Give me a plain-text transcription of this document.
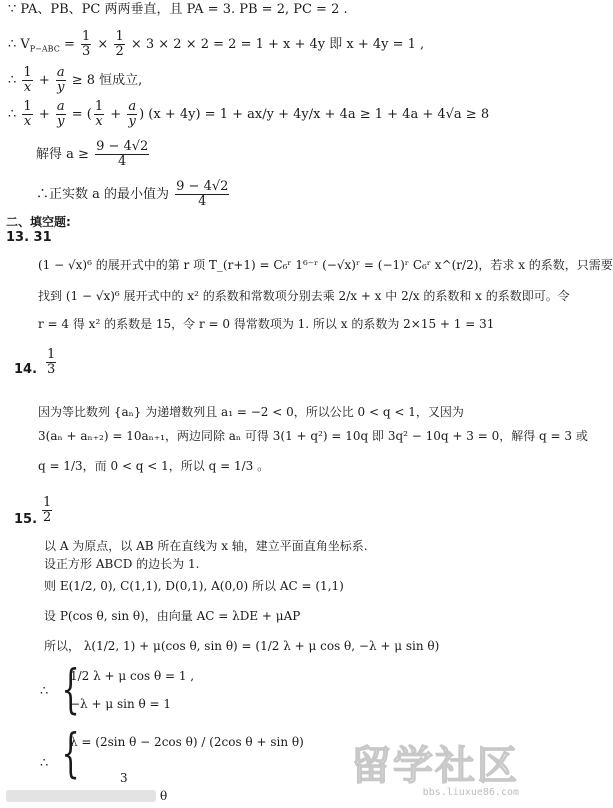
∵ PA、PB、PC 两两垂直，且 PA = 3. PB = 2, PC = 2 .
∴ $V_{P-ABC} = \frac{1}{3} \times \frac{1}{2} \times 3 \times 2 \times 2 = 2 = 1 + x + 4y$ 即 x + 4y = 1 ,
∴ $\frac{1}{x} + \frac{a}{y} \ge 8$ 恒成立,
∴ $\frac{1}{x} + \frac{a}{y}$ = ( $\frac{1}{x} + \frac{a}{y}$ ) (x + 4y) = 1 + ax/y + 4y/x + 4a ≥ 1 + 4a + 4√a ≥ 8
解得 $a \ge \frac{9 - 4√2}{4}$
∴正实数 a 的最小值为 $\frac{9 - 4√2}{4}$
二、填空题:
13. 31
(1 − √x)⁶ 的展开式中的第 r 项 T_(r+1) = C₆ʳ 1⁶⁻ʳ (−√x)ʳ = (−1)ʳ C₆ʳ x^(r/2)，若求 x 的系数，只需要
找到 (1 − √x)⁶ 展开式中的 x² 的系数和常数项分别去乘 2/x + x 中 2/x 的系数和 x 的系数即可。令
r = 4 得 x² 的系数是 15，令 r = 0 得常数项为 1. 所以 x 的系数为 2×15 + 1 = 31
14. $\frac{1}{3}$
因为等比数列 {aₙ} 为递增数列且 a₁ = −2 < 0，所以公比 0 < q < 1，又因为
3(aₙ + aₙ₊₂) = 10aₙ₊₁，两边同除 aₙ 可得 3(1 + q²) = 10q 即 3q² − 10q + 3 = 0，解得 q = 3 或
q = 1/3，而 0 < q < 1，所以 q = 1/3 。
15. $\frac{1}{2}$
以 A 为原点，以 AB 所在直线为 x 轴，建立平面直角坐标系.
设正方形 ABCD 的边长为 1.
则 E(1/2, 0), C(1,1), D(0,1), A(0,0) 所以 AC = (1,1)
设 P(cos θ, sin θ)，由向量 AC = λDE + μAP
所以， λ(1/2, 1) + μ(cos θ, sin θ) = (1/2 λ + μ cos θ, −λ + μ sin θ)
∴ {
1/2 λ + μ cos θ = 1 ,
−λ + μ sin θ = 1
∴ {
λ = (2sin θ − 2cos θ) / (2cos θ + sin θ)
3
θ
留学社区
bbs.liuxue86.com
